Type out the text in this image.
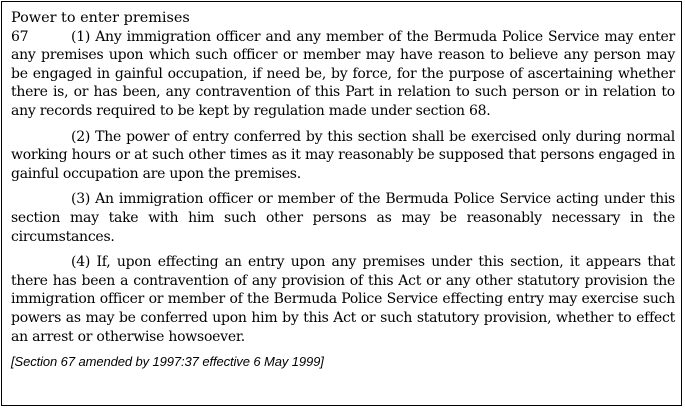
Power to enter premises

67	(1) Any immigration officer and any member of the Bermuda Police Service may enter any premises upon which such officer or member may have reason to believe any person may be engaged in gainful occupation, if need be, by force, for the purpose of ascertaining whether there is, or has been, any contravention of this Part in relation to such person or in relation to any records required to be kept by regulation made under section 68.

(2) The power of entry conferred by this section shall be exercised only during normal working hours or at such other times as it may reasonably be supposed that persons engaged in gainful occupation are upon the premises.

(3) An immigration officer or member of the Bermuda Police Service acting under this section may take with him such other persons as may be reasonably necessary in the circumstances.

(4) If, upon effecting an entry upon any premises under this section, it appears that there has been a contravention of any provision of this Act or any other statutory provision the immigration officer or member of the Bermuda Police Service effecting entry may exercise such powers as may be conferred upon him by this Act or such statutory provision, whether to effect an arrest or otherwise howsoever.

[Section 67 amended by 1997:37 effective 6 May 1999]
